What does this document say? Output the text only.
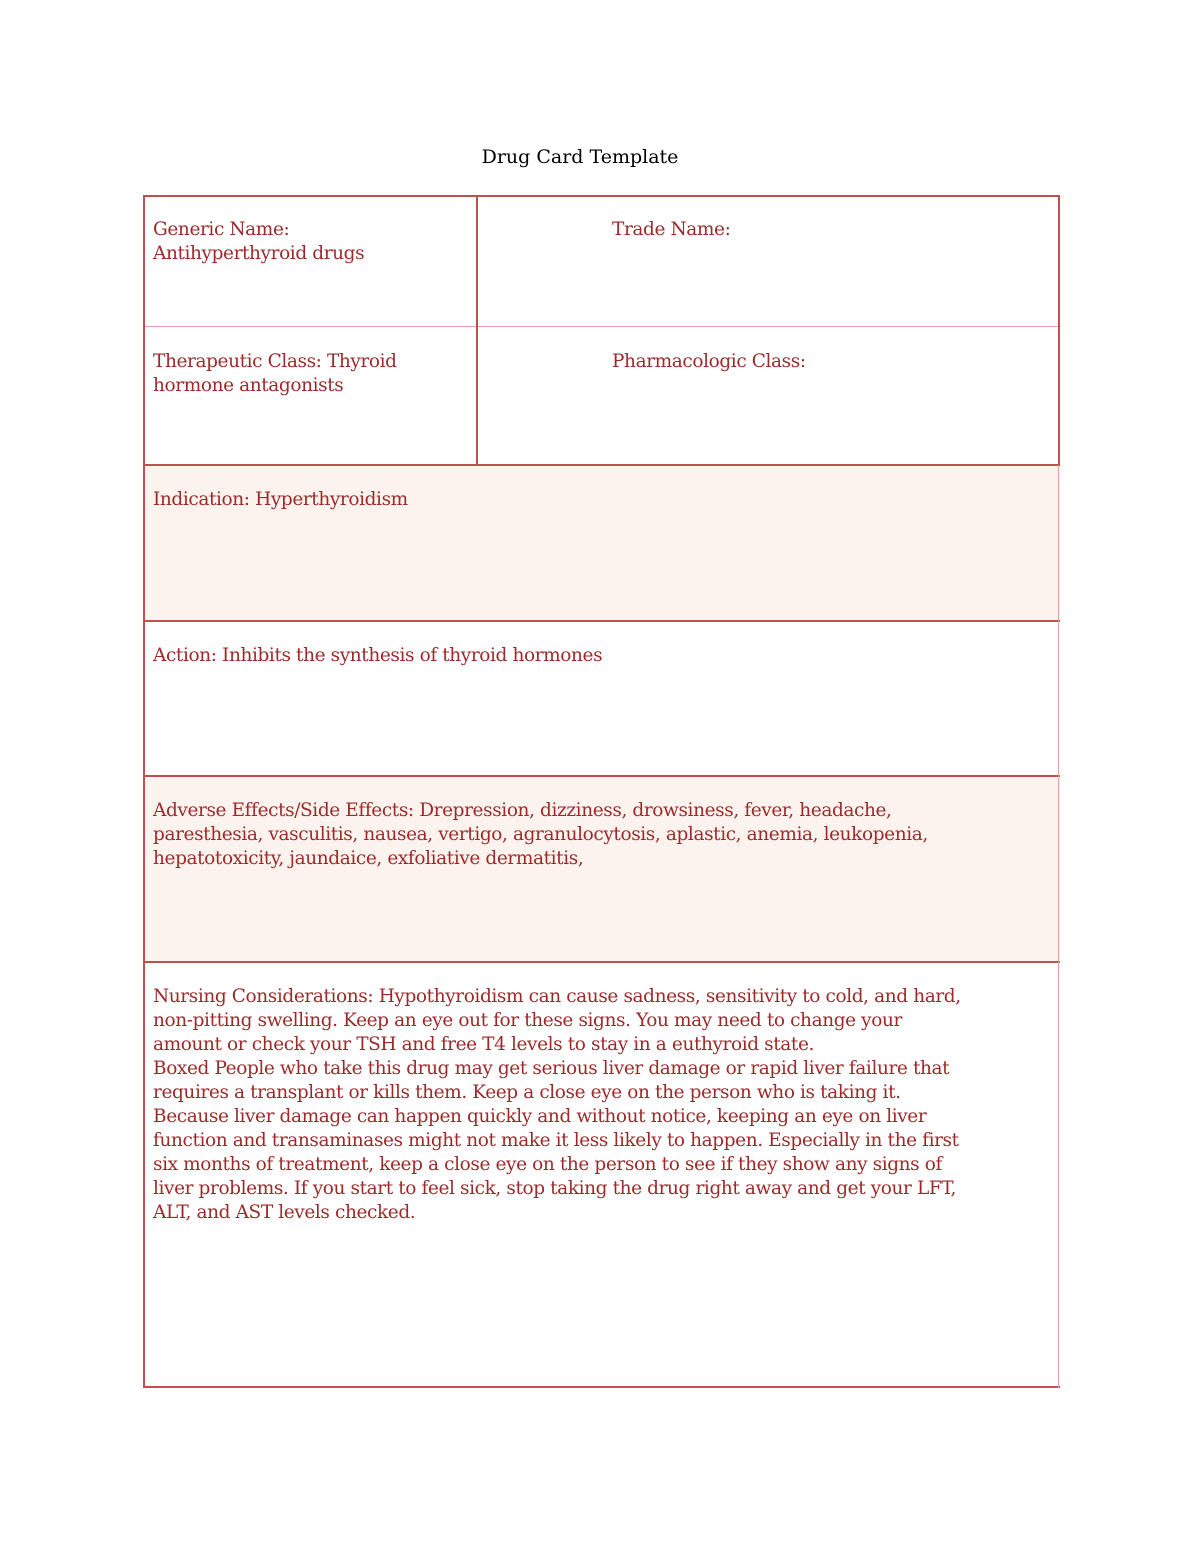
Drug Card Template
Indication: Hyperthyroidism
Action: Inhibits the synthesis of thyroid hormones
Adverse Effects/Side Effects: Drepression, dizziness, drowsiness, fever, headache,
paresthesia, vasculitis, nausea, vertigo, agranulocytosis, aplastic, anemia, leukopenia,
hepatotoxicity, jaundaice, exfoliative dermatitis,
Nursing Considerations: Hypothyroidism can cause sadness, sensitivity to cold, and hard,
non-pitting swelling. Keep an eye out for these signs. You may need to change your
amount or check your TSH and free T4 levels to stay in a euthyroid state.
Boxed People who take this drug may get serious liver damage or rapid liver failure that
requires a transplant or kills them. Keep a close eye on the person who is taking it.
Because liver damage can happen quickly and without notice, keeping an eye on liver
function and transaminases might not make it less likely to happen. Especially in the first
six months of treatment, keep a close eye on the person to see if they show any signs of
liver problems. If you start to feel sick, stop taking the drug right away and get your LFT,
ALT, and AST levels checked.
Generic Name:
Antihyperthyroid drugs
Trade Name:
Therapeutic Class: Thyroid
hormone antagonists
Pharmacologic Class:
